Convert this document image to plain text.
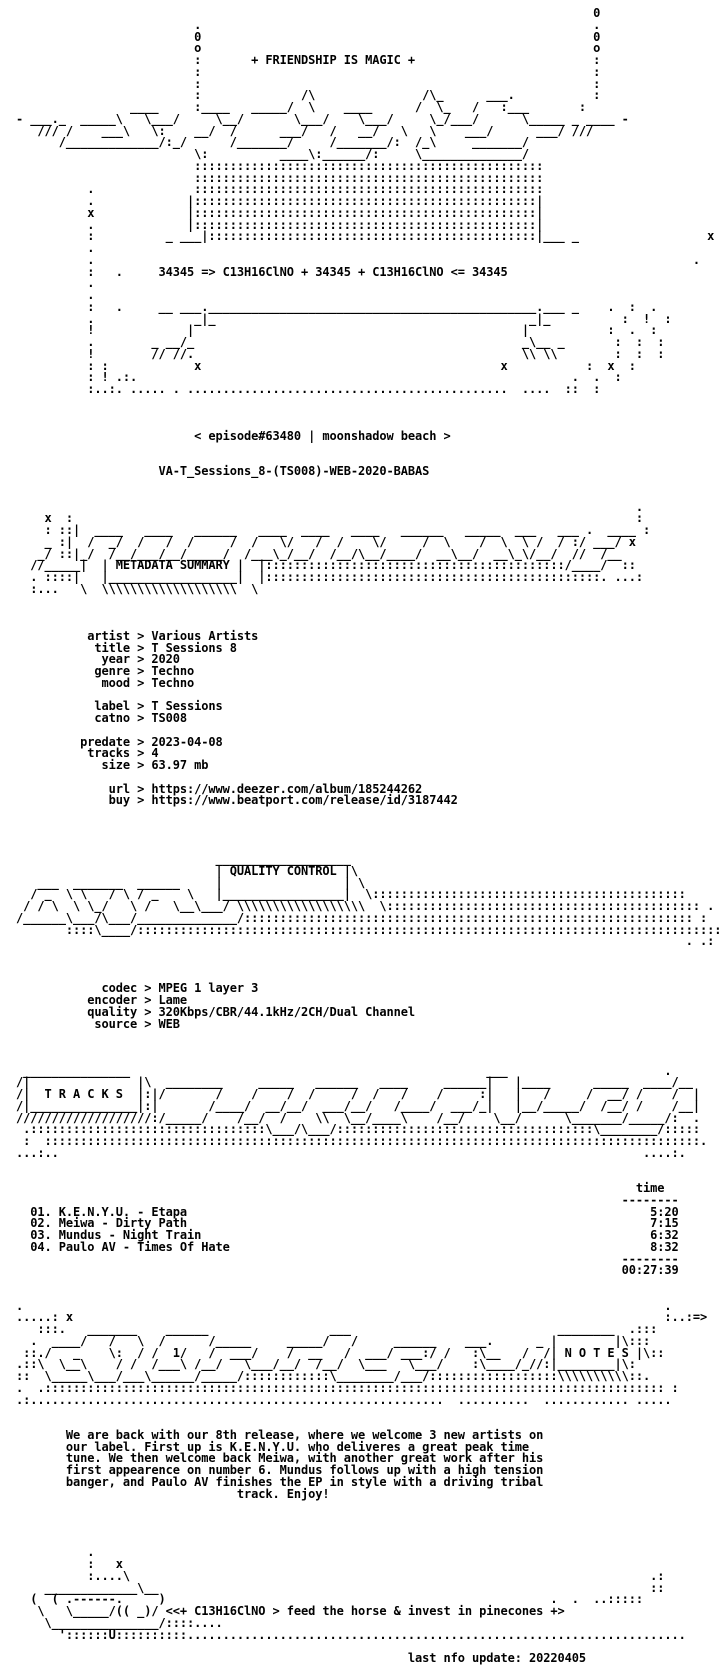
0
.                                                       .
0                                                       0
o                                                       o
:       + FRIENDSHIP IS MAGIC +                         :
:                                                       :
:                                                       :
:              /\               /\_      ___.           :
____     :____   _____/  \    ____      /  \_   /   :___       :
- ___._  _____\   \___/     \__/       \___/    \___/     \_/___/      \_____ _ ____ -
/// /    ___\   \:    __/  /      ___/   /   __/   \   \    ___/      ___/ ///
/_____________/:_/      /_______/     /_______/:  /_\     _______/
\:          ____\:______/:     \______________/
:::::::::::::::::::::::::::::::::::::::::::::::::
:::::::::::::::::::::::::::::::::::::::::::::::::
.              :::::::::::::::::::::::::::::::::::::::::::::::::
.             |::::::::::::::::::::::::::::::::::::::::::::::::|
x             |::::::::::::::::::::::::::::::::::::::::::::::::|
.             |::::::::::::::::::::::::::::::::::::::::::::::::|
:          _ ___|::::::::::::::::::::::::::::::::::::::::::::::|___ _                  x
.
.                                                                                    .
:   .     34345 => C13H16ClNO + 34345 + C13H16ClNO <= 34345
.
.
:   .     __ ___.______________________________________________.___ _    .  :  .
.              _|_                                            _|_          :  !  :
!             |                                              |           :  .  :
.        _ __/_                                              _\__ _       :  :  :
!        // //.                                              \\ \\        :  :  :
: :            x                                          x           :  x  :
: ! .:.                                                             .  .  :
:..:. ..... . .............................................  ....  ::  :

< episode#63480 | moonshadow beach >

VA-T_Sessions_8-(TS008)-WEB-2020-BABAS

.
x  :                                                                               :
: ::|  ____   ____   ______   ____  ____   ____   ______   _____  ___   ___ .  ____ :
_ :|  /  _/  /   /  /     /  /   \/   /  /    \/     /  \    /  \  \ /  / :/ ___/ x
_/ ::|_/  /__/___/__/_____/  /___\_/__/  /__/\__/____/  __\__/  __\_\/__/  //  /__
//_____|  | METADATA SUMMARY |  |::::::::::::::::::::::::::::::::::::::::::/____/  ::
. ::::|   |__________________|  |:::::::::::::::::::::::::::::::::::::::::::::::. ...:
:...   \  \\\\\\\\\\\\\\\\\\\  \

artist > Various Artists
title > T Sessions 8
year > 2020
genre > Techno
mood > Techno

label > T Sessions
catno > TS008

predate > 2023-04-08
tracks > 4
size > 63.97 mb

url > https://www.deezer.com/album/185244262
buy > https://www.beatport.com/release/id/3187442

___________________
| QUALITY CONTROL |\
___  _______  ______     |                 | \
/ _  \ \   / \ / _    \   |_________________|  \::::::::::::::::::::::::::::::::::::::::::::
/ / \  \ \_/   \ /   \__\___/ \\\\\\\\\\\\\\\\\\  \:::::::::::::::::::::::::::::::::::::::::::: .
/______\___/\___/______________/::::::::::::::::::::::::::::::::::::::::::::::::::::::::::::::: :
::::\____/::::::::::::::::::::::::::::::::::::::::::::::::::::::::::::::::::::::::::::::::::
. .:

codec > MPEG 1 layer 3
encoder > Lame
quality > 320Kbps/CBR/44.1kHz/2CH/Dual Channel
source > WEB

_______________                                                  ___                      .
/|               |\  ________     _____   ______   ____     ______|   |____      _____  ____/__
/|  T R A C K S  |:|/       /    /    /  /     /  /   /    /     :|   |   /     /  __/ /    /  |
/|_______________|:|       /____/  __/__/  ___/__/   /____/  ___/_|   |__/_____/  /__/ /    /__|
///////////////////:/_____/    /__/  /    \\  \__/____\    /__/    \__/      \_______/_____/:  .
.:::::::::::::::::::::::::::::::::\___/\___/::::::::::::::::::::::::::::::::::::\________/:::::
:  ::::::::::::::::::::::::::::::::::::::::::::::::::::::::::::::::::::::::::::::::::::::::::::.
...:..                                                                                  ....:.

time
--------
01. K.E.N.Y.U. - Etapa                                                                 5:20
02. Meiwa - Dirty Path                                                                 7:15
03. Mundus - Night Train                                                               6:32
04. Paulo AV - Times Of Hate                                                           8:32
--------
00:27:39

.                                                                                          .
.....: x                                                                                   :..:=>
:::.   _______    ______                 ___                             ________  .:::
.  ____/   /   \  /      /_____     _____/   /     ______    ___.      _ |        |\:::
::./   _    \:  / /  1/   /  ___/    /  __   /  ___/ ___:/ /   :\__   /  /| N O T E S |\::
.::\  \__\    / /  /___\ /__/   \___/__/  /__/  \___   \___/    :\____/_//:|________|\:
::  \_____\___/___\______/_____/::::::::::::\________/___/::::::::::::::::::\\\\\\\\\\::.
.  .::::::::::::::::::::::::::::::::::::::::::::::::::::::::::::::::::::::::::::::::::::::: :
.:..........................................................  ..........  ............ .....

We are back with our 8th release, where we welcome 3 new artists on
our label. First up is K.E.N.Y.U. who deliveres a great peak time
tune. We then welcome back Meiwa, with another great work after his
first appearence on number 6. Mundus follows up with a high tension
banger, and Paulo AV finishes the EP in style with a driving tribal
track. Enjoy!

.
:   x
:....\                                                                         .:
_____________\__                                                                     ::
(  ( .------.     )                                                      .  .  ..:::::
\   \_____/(( _)/ <<+ C13H16ClNO > feed the horse & invest in pinecones +>
\_______________/::::....
'::::::U::::::::::......................................................................

last nfo update: 20220405
